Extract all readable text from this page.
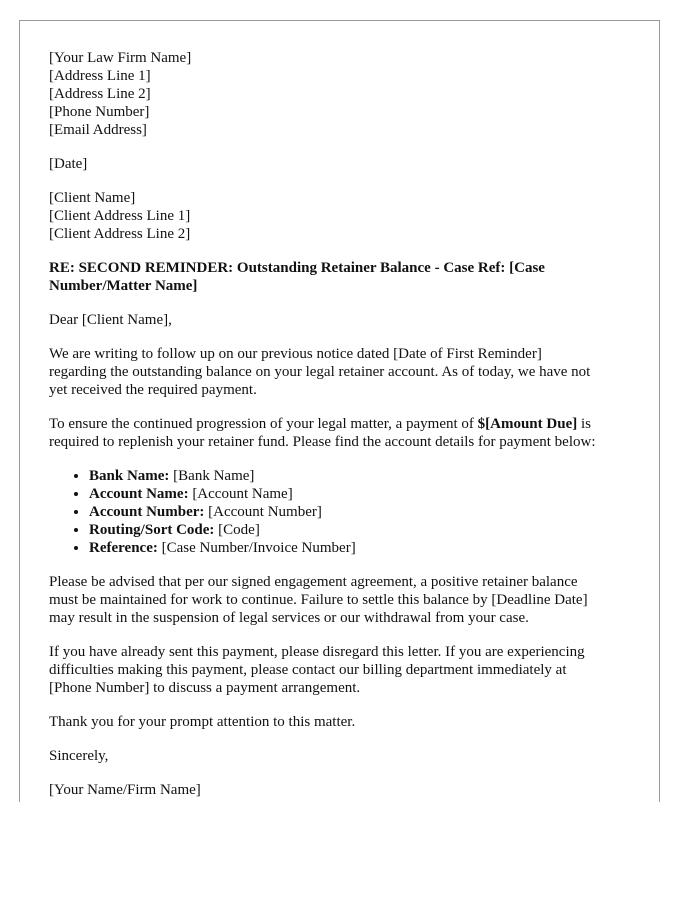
[Your Law Firm Name]
[Address Line 1]
[Address Line 2]
[Phone Number]
[Email Address]
[Date]
[Client Name]
[Client Address Line 1]
[Client Address Line 2]
RE: SECOND REMINDER: Outstanding Retainer Balance - Case Ref: [Case
Number/Matter Name]

Dear [Client Name],

We are writing to follow up on our previous notice dated [Date of First Reminder]
regarding the outstanding balance on your legal retainer account. As of today, we have not
yet received the required payment.

To ensure the continued progression of your legal matter, a payment of $[Amount Due] is
required to replenish your retainer fund. Please find the account details for payment below:

• Bank Name: [Bank Name]
• Account Name: [Account Name]
• Account Number: [Account Number]
• Routing/Sort Code: [Code]
• Reference: [Case Number/Invoice Number]

Please be advised that per our signed engagement agreement, a positive retainer balance
must be maintained for work to continue. Failure to settle this balance by [Deadline Date]
may result in the suspension of legal services or our withdrawal from your case.

If you have already sent this payment, please disregard this letter. If you are experiencing
difficulties making this payment, please contact our billing department immediately at
[Phone Number] to discuss a payment arrangement.

Thank you for your prompt attention to this matter.

Sincerely,

[Your Name/Firm Name]
